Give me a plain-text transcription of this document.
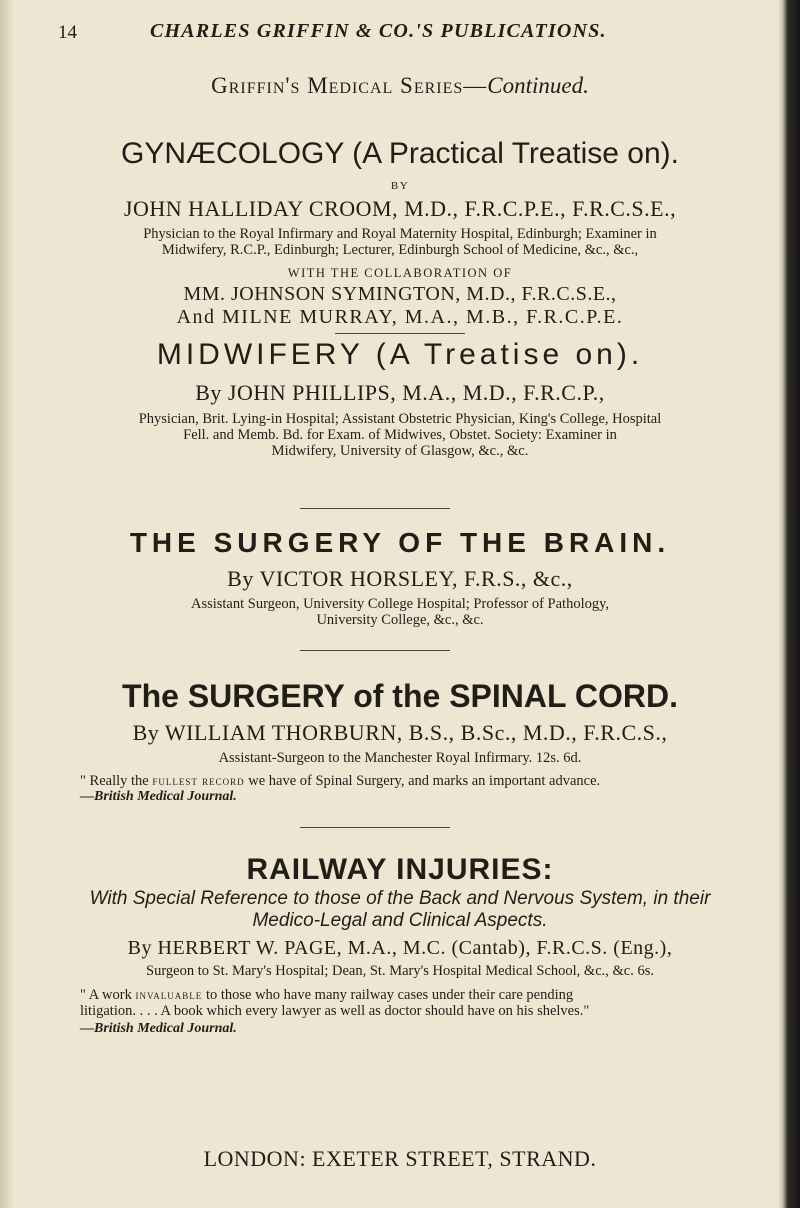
14	CHARLES GRIFFIN & CO.'S PUBLICATIONS.
Griffin's Medical Series—Continued.
GYNÆCOLOGY (A Practical Treatise on).
BY
JOHN HALLIDAY CROOM, M.D., F.R.C.P.E., F.R.C.S.E.,
Physician to the Royal Infirmary and Royal Maternity Hospital, Edinburgh; Examiner in
Midwifery, R.C.P., Edinburgh; Lecturer, Edinburgh School of Medicine, &c., &c.,
WITH THE COLLABORATION OF
MM. JOHNSON SYMINGTON, M.D., F.R.C.S.E.,
And MILNE MURRAY, M.A., M.B., F.R.C.P.E.
MIDWIFERY (A Treatise on).
By JOHN PHILLIPS, M.A., M.D., F.R.C.P.,
Physician, Brit. Lying-in Hospital; Assistant Obstetric Physician, King's College, Hospital
Fell. and Memb. Bd. for Exam. of Midwives, Obstet. Society: Examiner in
Midwifery, University of Glasgow, &c., &c.
THE SURGERY OF THE BRAIN.
By VICTOR HORSLEY, F.R.S., &c.,
Assistant Surgeon, University College Hospital; Professor of Pathology,
University College, &c., &c.
The SURGERY of the SPINAL CORD.
By WILLIAM THORBURN, B.S., B.Sc., M.D., F.R.C.S.,
Assistant-Surgeon to the Manchester Royal Infirmary. 12s. 6d.
" Really the fullest record we have of Spinal Surgery, and marks an important advance.
—British Medical Journal.
RAILWAY INJURIES:
With Special Reference to those of the Back and Nervous System, in their
Medico-Legal and Clinical Aspects.
By HERBERT W. PAGE, M.A., M.C. (Cantab), F.R.C.S. (Eng.),
Surgeon to St. Mary's Hospital; Dean, St. Mary's Hospital Medical School, &c., &c. 6s.
" A work invaluable to those who have many railway cases under their care pending
litigation. . . . A book which every lawyer as well as doctor should have on his shelves."
—British Medical Journal.
LONDON: EXETER STREET, STRAND.
